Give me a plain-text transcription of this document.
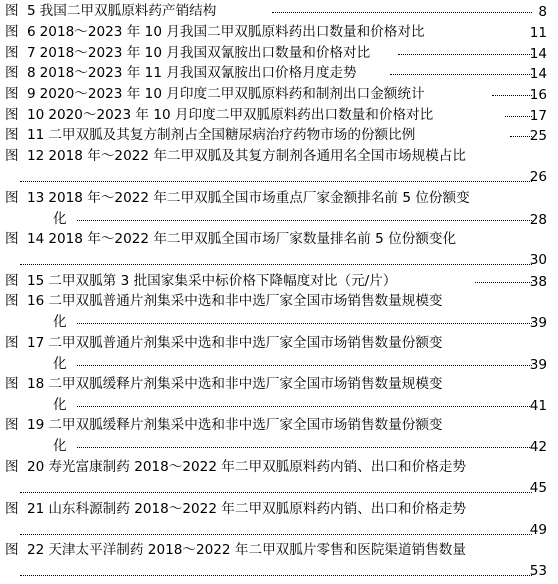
图 5 我国二甲双胍原料药产销结构	8
图 6 2018～2023 年 10 月我国二甲双胍原料药出口数量和价格对比	11
图 7 2018～2023 年 10 月我国双氰胺出口数量和价格对比	14
图 8 2018～2023 年 11 月我国双氰胺出口价格月度走势	14
图 9 2020～2023 年 10 月印度二甲双胍原料药和制剂出口金额统计	16
图 10 2020～2023 年 10 月印度二甲双胍原料药出口数量和价格对比	17
图 11 二甲双胍及其复方制剂占全国糖尿病治疗药物市场的份额比例	25
图 12 2018 年～2022 年二甲双胍及其复方制剂各通用名全国市场规模占比
26
图 13 2018 年～2022 年二甲双胍全国市场重点厂家金额排名前 5 位份额变
化	28
图 14 2018 年～2022 年二甲双胍全国市场厂家数量排名前 5 位份额变化
30
图 15 二甲双胍第 3 批国家集采中标价格下降幅度对比（元/片）	38
图 16 二甲双胍普通片剂集采中选和非中选厂家全国市场销售数量规模变
化	39
图 17 二甲双胍普通片剂集采中选和非中选厂家全国市场销售数量份额变
化	39
图 18 二甲双胍缓释片剂集采中选和非中选厂家全国市场销售数量规模变
化	41
图 19 二甲双胍缓释片剂集采中选和非中选厂家全国市场销售数量份额变
化	42
图 20 寿光富康制药 2018～2022 年二甲双胍原料药内销、出口和价格走势
45
图 21 山东科源制药 2018～2022 年二甲双胍原料药内销、出口和价格走势
49
图 22 天津太平洋制药 2018～2022 年二甲双胍片零售和医院渠道销售数量
53
